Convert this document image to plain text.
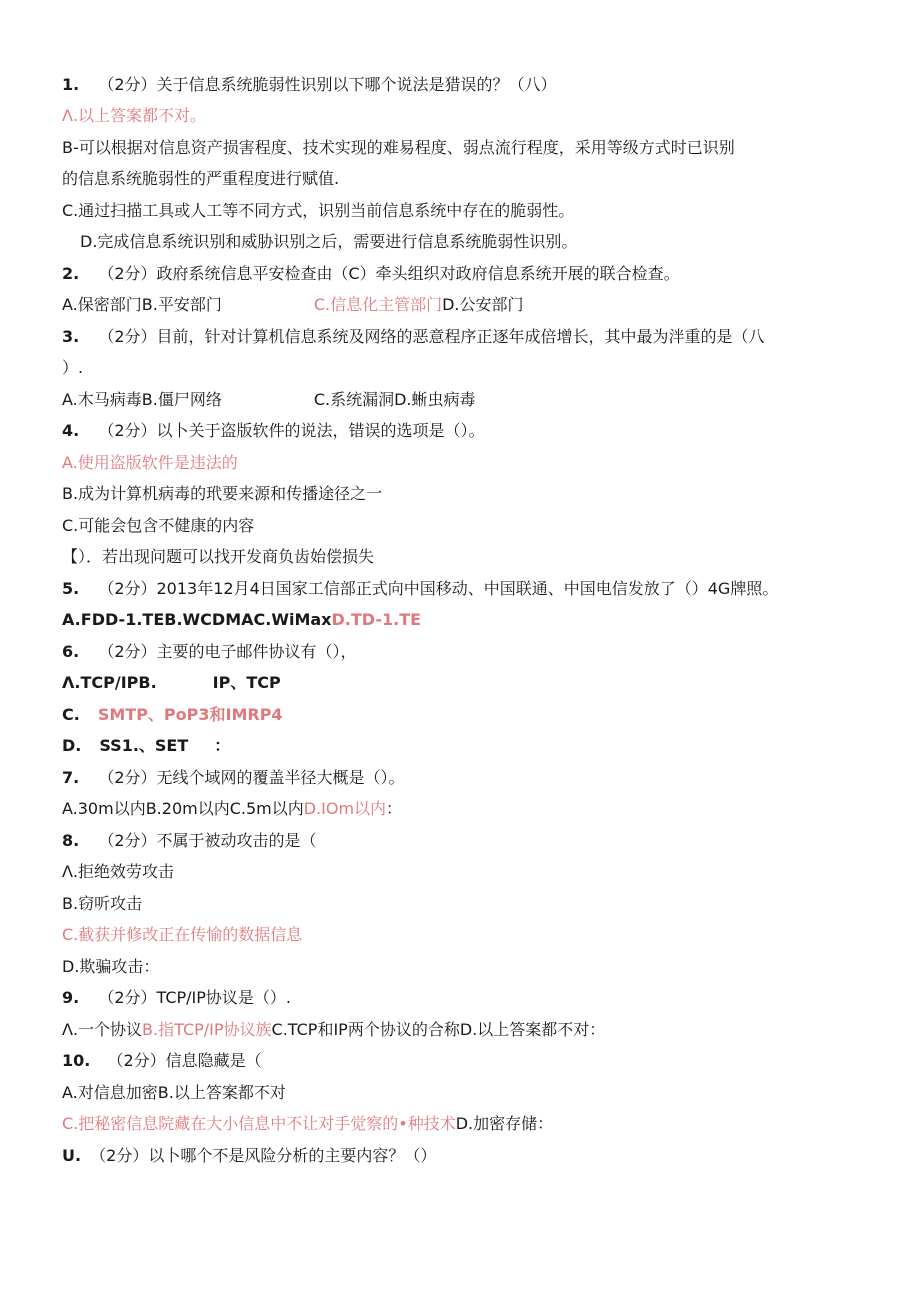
1. （2分）关于信息系统脆弱性识别以下哪个说法是猎误的？（八）
Λ.以上答案都不对。
B-可以根据对信息资产损害程度、技术实现的难易程度、弱点流行程度，采用等级方式时已识别
的信息系统脆弱性的严重程度进行赋值.
C.通过扫描工具或人工等不同方式，识别当前信息系统中存在的脆弱性。
D.完成信息系统识别和威胁识别之后，需要进行信息系统脆弱性识别。
2. （2分）政府系统信息平安检查由（C）牵头组织对政府信息系统开展的联合检查。
A.保密部门B.平安部门	C.信息化主管部门D.公安部门
3. （2分）目前，针对计算机信息系统及网络的恶意程序正逐年成倍增长，其中最为泮重的是（八
）.
A.木马病毒B.僵尸网络	C.系统漏洞D.蜥虫病毒
4. （2分）以卜关于盗版软件的说法，错误的选项是（）。
A.使用盗版软件是违法的
B.成为计算机病毒的玳要来源和传播途径之一
C.可能会包含不健康的内容
【）．若出现问题可以找开发商负齿始偿损失
5. （2分）2013年12月4日国家工信部正式向中国移动、中国联通、中国电信发放了（）4G牌照。
A.FDD-1.TEB.WCDMAC.WiMaxD.TD-1.TE
6. （2分）主要的电子邮件协议有（），
Λ.TCP/IPB.	IP、TCP
C. SMTP、PoP3和IMRP4
D. SS1.、SET ：
7. （2分）无线个域网的覆盖半径大概是（）。
A.30m以内B.20m以内C.5m以内D.IOm以内：
8. （2分）不属于被动攻击的是（
Λ.拒绝效劳攻击
B.窃听攻击
C.截获并修改正在传愉的数据信息
D.欺骗攻击：
9. （2分）TCP/IP协议是（）.
Λ.一个协议B.指TCP/IP协议族C.TCP和IP两个协议的合称D.以上答案都不对：
10. （2分）信息隐藏是（
A.对信息加密B.以上答案都不对
C.把秘密信息院藏在大小信息中不让对手觉察的•种技术D.加密存储：
U. （2分）以卜哪个不是风险分析的主要内容？（）
